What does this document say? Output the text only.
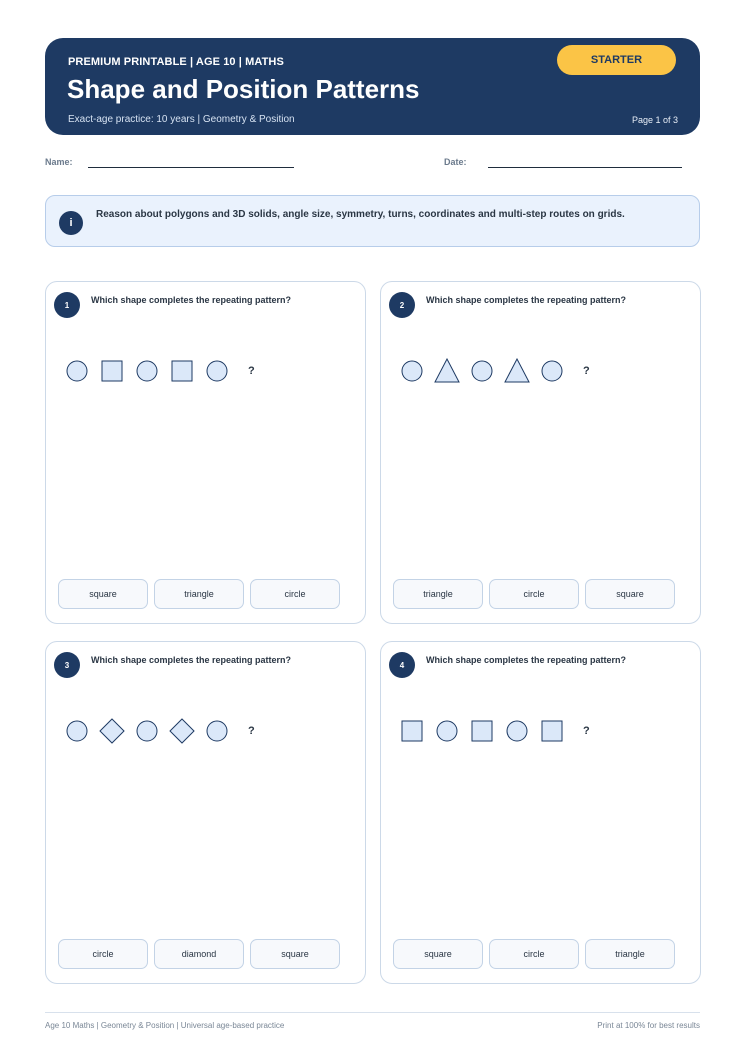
PREMIUM PRINTABLE | AGE 10 | MATHS
Shape and Position Patterns
Exact-age practice: 10 years | Geometry & Position	Page 1 of 3
STARTER
Name:	Date:
i
Reason about polygons and 3D solids, angle size, symmetry, turns, coordinates and multi-step routes on grids.
1	Which shape completes the repeating pattern?
?
square	triangle	circle
2	Which shape completes the repeating pattern?
?
triangle	circle	square
3	Which shape completes the repeating pattern?
?
circle	diamond	square
4	Which shape completes the repeating pattern?
?
square	circle	triangle
Age 10 Maths | Geometry & Position | Universal age-based practice	Print at 100% for best results
